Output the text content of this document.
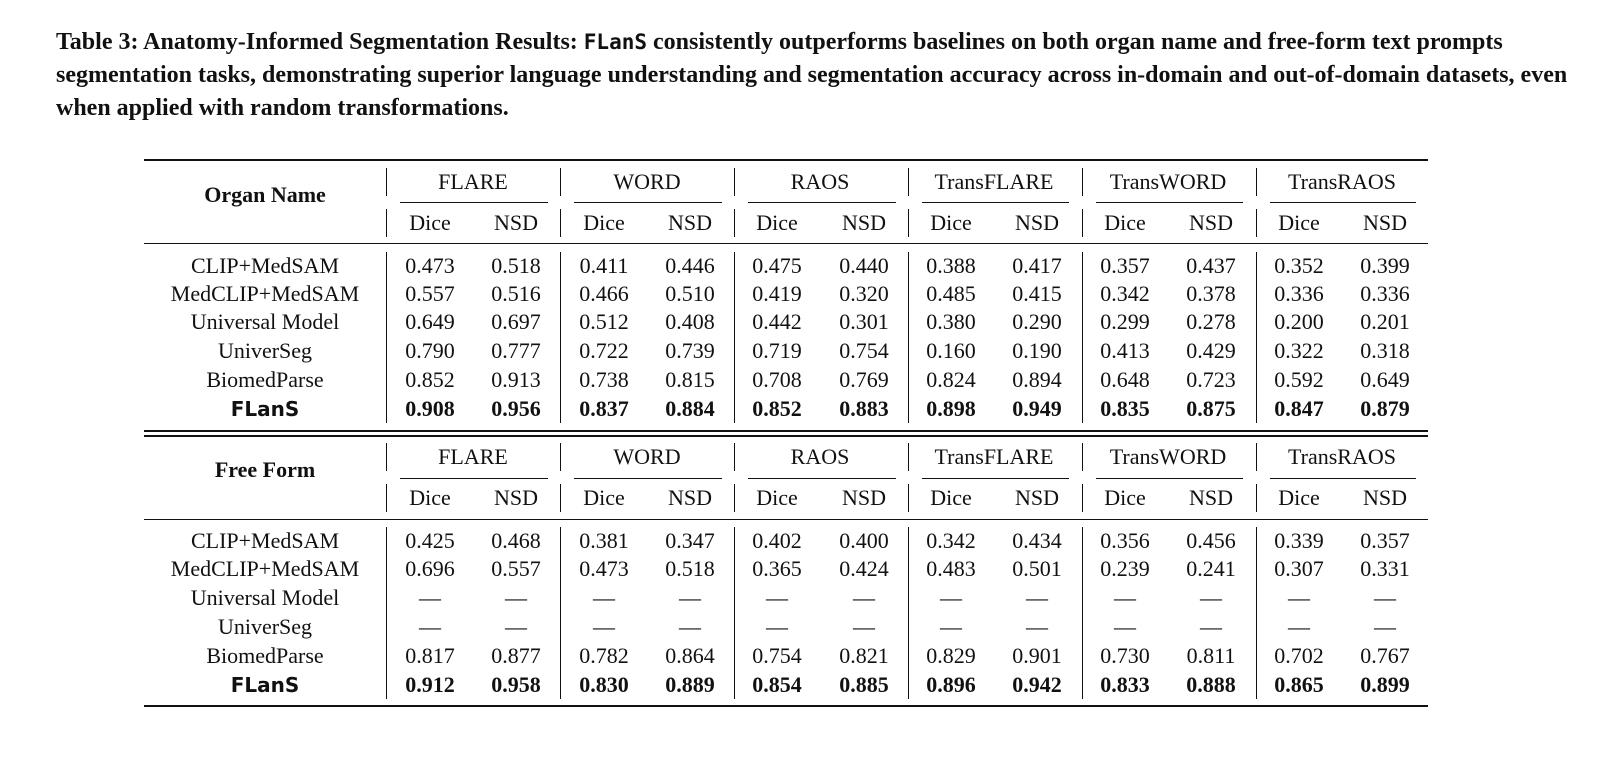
Table 3: Anatomy-Informed Segmentation Results: FLanS consistently outperforms baselines on both organ name and free-form text prompts segmentation tasks, demonstrating superior language understanding and segmentation accuracy across in-domain and out-of-domain datasets, even when applied with random transformations.
Organ Name
FLARE
Dice NSD
WORD
Dice NSD
RAOS
Dice NSD
TransFLARE
Dice NSD
TransWORD
Dice NSD
TransRAOS
Dice NSD
CLIP+MedSAM	0.473 0.518 0.411 0.446 0.475 0.440 0.388 0.417 0.357 0.437 0.352 0.399
MedCLIP+MedSAM 0.557 0.516 0.466 0.510 0.419 0.320 0.485 0.415 0.342 0.378 0.336 0.336
Universal Model	0.649 0.697 0.512 0.408 0.442 0.301 0.380 0.290 0.299 0.278 0.200 0.201
UniverSeg	0.790 0.777 0.722 0.739 0.719 0.754 0.160 0.190 0.413 0.429 0.322 0.318
BiomedParse	0.852 0.913 0.738 0.815 0.708 0.769 0.824 0.894 0.648 0.723 0.592 0.649
FLanS	0.908 0.956 0.837 0.884 0.852 0.883 0.898 0.949 0.835 0.875 0.847 0.879
Free Form
FLARE
Dice NSD
WORD
Dice NSD
RAOS
Dice NSD
TransFLARE
Dice NSD
TransWORD
Dice NSD
TransRAOS
Dice NSD
CLIP+MedSAM	0.425 0.468 0.381 0.347 0.402 0.400 0.342 0.434 0.356 0.456 0.339 0.357
MedCLIP+MedSAM 0.696 0.557 0.473 0.518 0.365 0.424 0.483 0.501 0.239 0.241 0.307 0.331
Universal Model	—	—	—	—	—	—	—	—	—	—	—	—
UniverSeg	—	—	—	—	—	—	—	—	—	—	—	—
BiomedParse	0.817 0.877 0.782 0.864 0.754 0.821 0.829 0.901 0.730 0.811 0.702 0.767
FLanS	0.912 0.958 0.830 0.889 0.854 0.885 0.896 0.942 0.833 0.888 0.865 0.899
